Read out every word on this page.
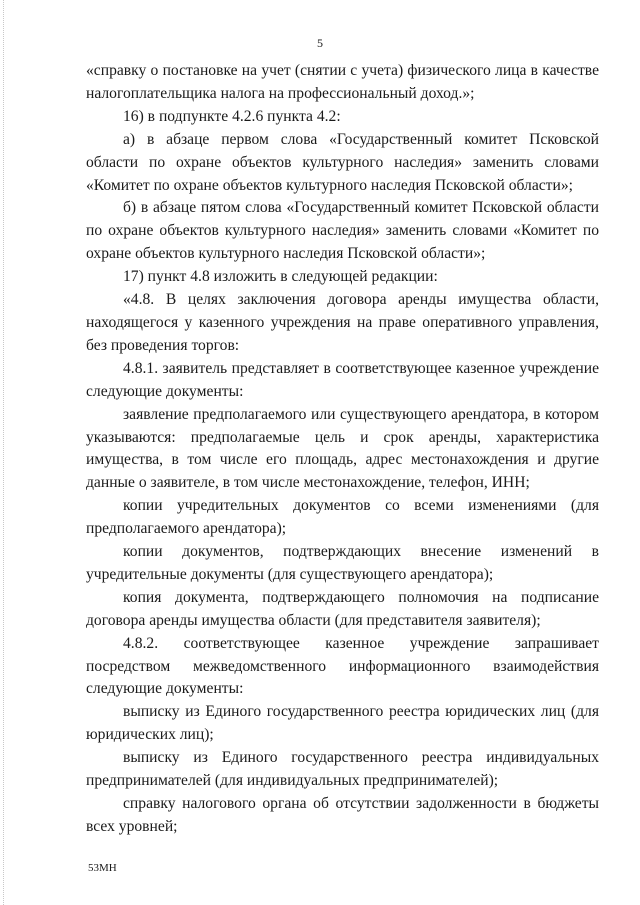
5

«справку о постановке на учет (снятии с учета) физического лица в качестве налогоплательщика налога на профессиональный доход.»;

16) в подпункте 4.2.6 пункта 4.2:

а) в абзаце первом слова «Государственный комитет Псковской области по охране объектов культурного наследия» заменить словами «Комитет по охране объектов культурного наследия Псковской области»;

б) в абзаце пятом слова «Государственный комитет Псковской области по охране объектов культурного наследия» заменить словами «Комитет по охране объектов культурного наследия Псковской области»;

17) пункт 4.8 изложить в следующей редакции:

«4.8. В целях заключения договора аренды имущества области, находящегося у казенного учреждения на праве оперативного управления, без проведения торгов:

4.8.1. заявитель представляет в соответствующее казенное учреждение следующие документы:

заявление предполагаемого или существующего арендатора, в котором указываются: предполагаемые цель и срок аренды, характеристика имущества, в том числе его площадь, адрес местонахождения и другие данные о заявителе, в том числе местонахождение, телефон, ИНН;

копии учредительных документов со всеми изменениями (для предполагаемого арендатора);

копии документов, подтверждающих внесение изменений в учредительные документы (для существующего арендатора);

копия документа, подтверждающего полномочия на подписание договора аренды имущества области (для представителя заявителя);

4.8.2. соответствующее казенное учреждение запрашивает посредством межведомственного информационного взаимодействия следующие документы:

выписку из Единого государственного реестра юридических лиц (для юридических лиц);

выписку из Единого государственного реестра индивидуальных предпринимателей (для индивидуальных предпринимателей);

справку налогового органа об отсутствии задолженности в бюджеты всех уровней;

53МН
